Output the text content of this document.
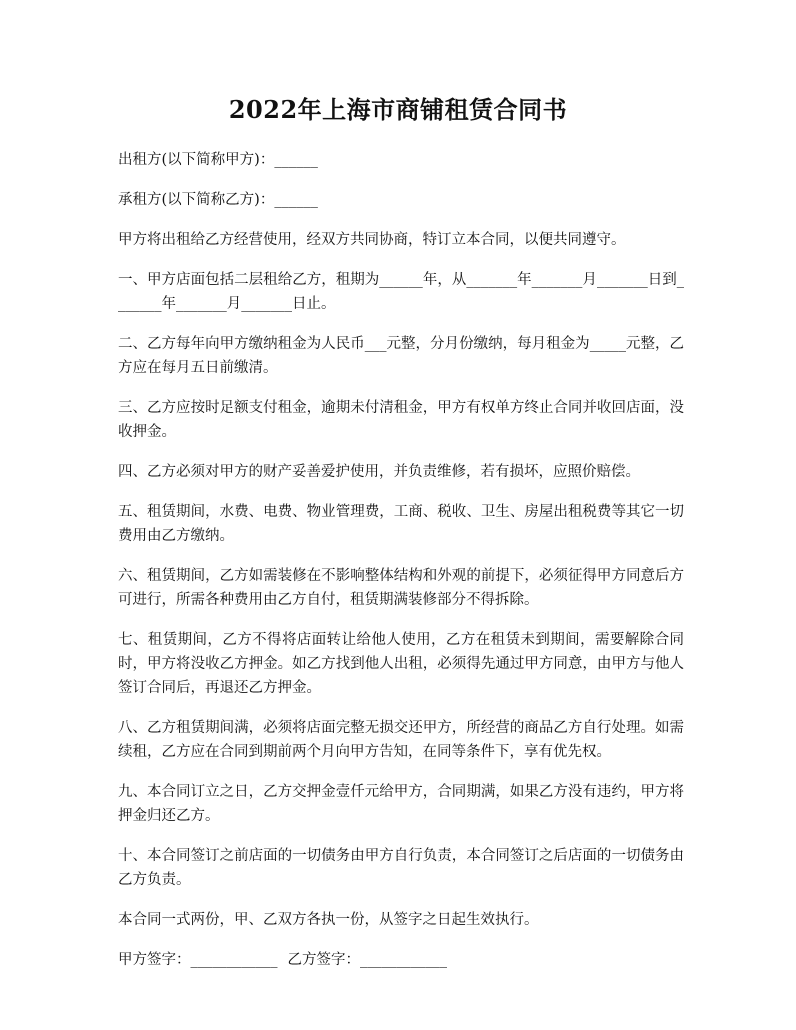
2022年上海市商铺租赁合同书

出租方(以下简称甲方)：______

承租方(以下简称乙方)：______

甲方将出租给乙方经营使用，经双方共同协商，特订立本合同，以便共同遵守。

一、甲方店面包括二层租给乙方，租期为______年，从_______年_______月_______日到_______年_______月_______日止。

二、乙方每年向甲方缴纳租金为人民币___元整，分月份缴纳，每月租金为_____元整，乙方应在每月五日前缴清。

三、乙方应按时足额支付租金，逾期未付清租金，甲方有权单方终止合同并收回店面，没收押金。

四、乙方必须对甲方的财产妥善爱护使用，并负责维修，若有损坏，应照价赔偿。

五、租赁期间，水费、电费、物业管理费，工商、税收、卫生、房屋出租税费等其它一切费用由乙方缴纳。

六、租赁期间，乙方如需装修在不影响整体结构和外观的前提下，必须征得甲方同意后方可进行，所需各种费用由乙方自付，租赁期满装修部分不得拆除。

七、租赁期间，乙方不得将店面转让给他人使用，乙方在租赁未到期间，需要解除合同时，甲方将没收乙方押金。如乙方找到他人出租，必须得先通过甲方同意，由甲方与他人签订合同后，再退还乙方押金。

八、乙方租赁期间满，必须将店面完整无损交还甲方，所经营的商品乙方自行处理。如需续租，乙方应在合同到期前两个月向甲方告知，在同等条件下，享有优先权。

九、本合同订立之日，乙方交押金壹仟元给甲方，合同期满，如果乙方没有违约，甲方将押金归还乙方。

十、本合同签订之前店面的一切债务由甲方自行负责，本合同签订之后店面的一切债务由乙方负责。

本合同一式两份，甲、乙双方各执一份，从签字之日起生效执行。

甲方签字：____________ 乙方签字：____________
